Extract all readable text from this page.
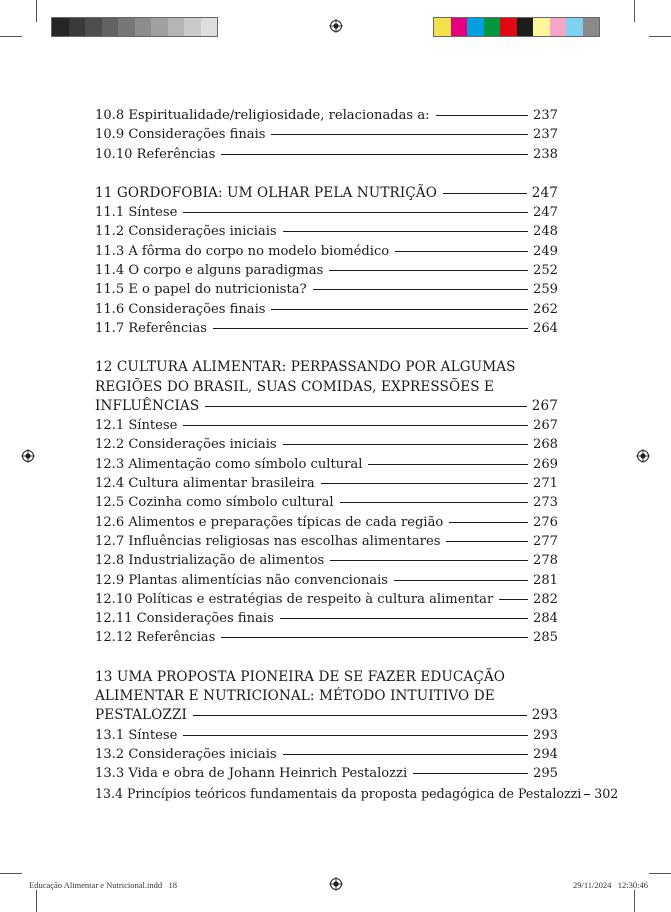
10.8 Espiritualidade/religiosidade, relacionadas a:	237
10.9 Considerações finais	237
10.10 Referências	238
11 GORDOFOBIA: UM OLHAR PELA NUTRIÇÃO	247
11.1 Síntese	247
11.2 Considerações iniciais	248
11.3 A fôrma do corpo no modelo biomédico	249
11.4 O corpo e alguns paradigmas	252
11.5 E o papel do nutricionista?	259
11.6 Considerações finais	262
11.7 Referências	264
12 CULTURA ALIMENTAR: PERPASSANDO POR ALGUMAS
REGIÕES DO BRASIL, SUAS COMIDAS, EXPRESSÕES E
INFLUÊNCIAS	267
12.1 Síntese	267
12.2 Considerações iniciais	268
12.3 Alimentação como símbolo cultural	269
12.4 Cultura alimentar brasileira	271
12.5 Cozinha como símbolo cultural	273
12.6 Alimentos e preparações típicas de cada região	276
12.7 Influências religiosas nas escolhas alimentares	277
12.8 Industrialização de alimentos	278
12.9 Plantas alimentícias não convencionais	281
12.10 Políticas e estratégias de respeito à cultura alimentar	282
12.11 Considerações finais	284
12.12 Referências	285
13 UMA PROPOSTA PIONEIRA DE SE FAZER EDUCAÇÃO
ALIMENTAR E NUTRICIONAL: MÉTODO INTUITIVO DE
PESTALOZZI	293
13.1 Síntese	293
13.2 Considerações iniciais	294
13.3 Vida e obra de Johann Heinrich Pestalozzi	295
13.4 Princípios teóricos fundamentais da proposta pedagógica de Pestalozzi 302
Educação Alimentar e Nutricional.indd   18	29/11/2024   12:30:46
